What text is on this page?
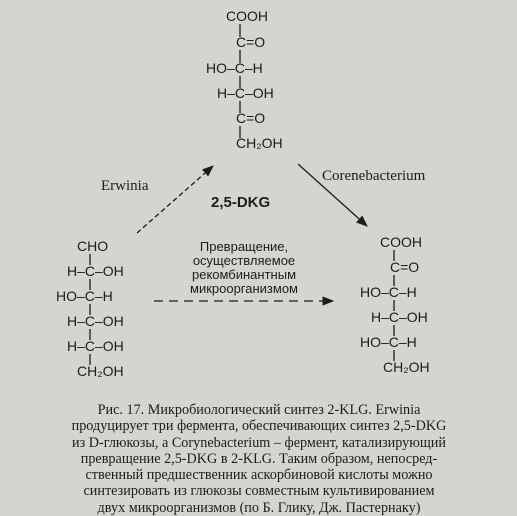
COOH
C=O
HO–C–H
H–C–OH
C=O
CH₂OH
Erwinia
Corenebacterium
2,5-DKG
Превращение,
осуществляемое
рекомбинантным
микроорганизмом
CHO
H–C–OH
HO–C–H
H–C–OH
H–C–OH
CH₂OH
COOH
C=O
HO–C–H
H–C–OH
HO–C–H
CH₂OH
Рис. 17. Микробиологический синтез 2-KLG. Erwinia
продуцирует три фермента, обеспечивающих синтез 2,5-DKG
из D-глюкозы, а Corynebacterium – фермент, катализирующий
превращение 2,5-DKG в 2-KLG. Таким образом, непосред-
ственный предшественник аскорбиновой кислоты можно
синтезировать из глюкозы совместным культивированием
двух микроорганизмов (по Б. Глику, Дж. Пастернаку)
